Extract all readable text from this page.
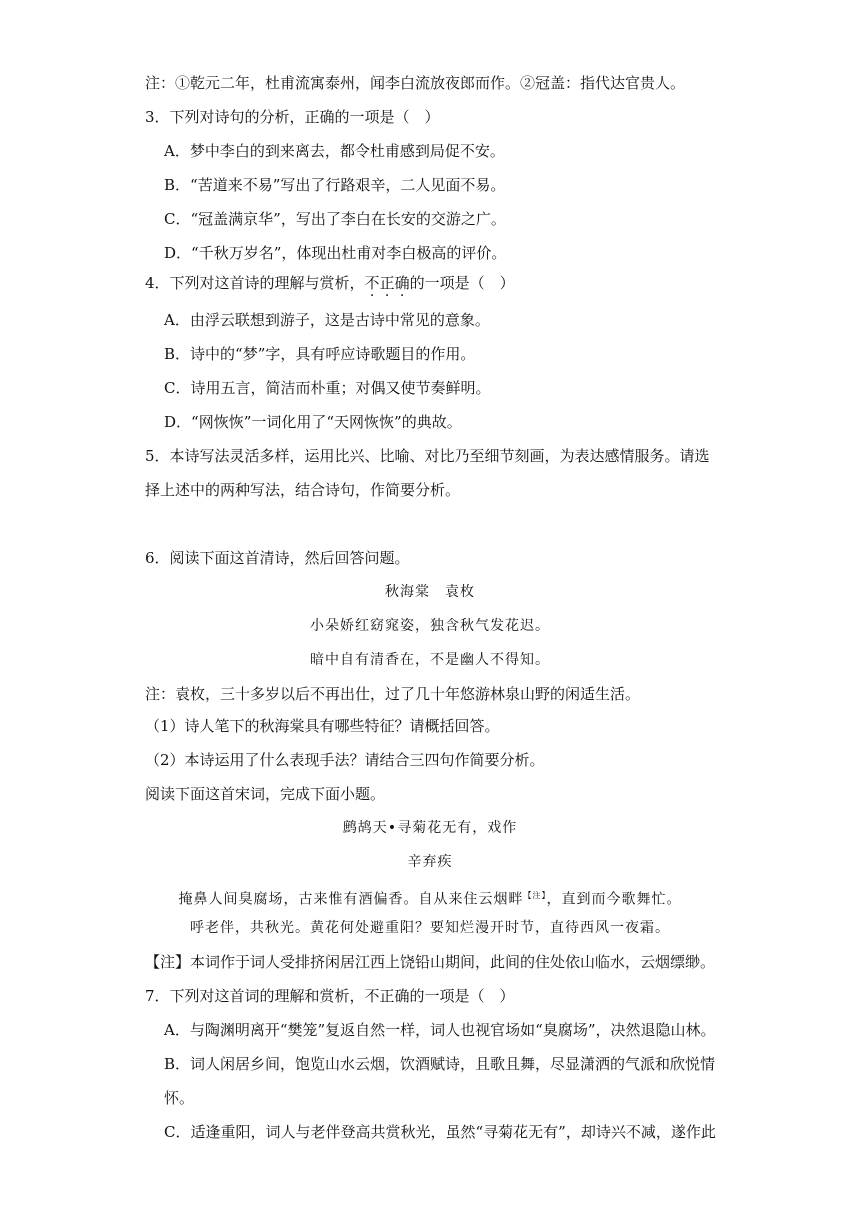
注：①乾元二年，杜甫流寓泰州，闻李白流放夜郎而作。②冠盖：指代达官贵人。
3．下列对诗句的分析，正确的一项是（　）
A．梦中李白的到来离去，都令杜甫感到局促不安。
B．“苦道来不易”写出了行路艰辛，二人见面不易。
C．“冠盖满京华”，写出了李白在长安的交游之广。
D．“千秋万岁名”，体现出杜甫对李白极高的评价。
4．下列对这首诗的理解与赏析，不正确的一项是（　）
A．由浮云联想到游子，这是古诗中常见的意象。
B．诗中的“梦”字，具有呼应诗歌题目的作用。
C．诗用五言，简洁而朴重；对偶又使节奏鲜明。
D．“网恢恢”一词化用了“天网恢恢”的典故。
5．本诗写法灵活多样，运用比兴、比喻、对比乃至细节刻画，为表达感情服务。请选
择上述中的两种写法，结合诗句，作简要分析。
6．阅读下面这首清诗，然后回答问题。
秋海棠　袁枚
小朵娇红窈窕姿，独含秋气发花迟。
暗中自有清香在，不是幽人不得知。
注：袁枚，三十多岁以后不再出仕，过了几十年悠游林泉山野的闲适生活。
（1）诗人笔下的秋海棠具有哪些特征？请概括回答。
（2）本诗运用了什么表现手法？请结合三四句作简要分析。
阅读下面这首宋词，完成下面小题。
鹧鸪天•寻菊花无有，戏作
辛弃疾
掩鼻人间臭腐场，古来惟有酒偏香。自从来住云烟畔$^{【注】}$，直到而今歌舞忙。
呼老伴，共秋光。黄花何处避重阳？要知烂漫开时节，直待西风一夜霜。
【注】本词作于词人受排挤闲居江西上饶铅山期间，此间的住处依山临水，云烟缥缈。
7．下列对这首词的理解和赏析，不正确的一项是（　）
A．与陶渊明离开“樊笼”复返自然一样，词人也视官场如“臭腐场”，决然退隐山林。
B．词人闲居乡间，饱览山水云烟，饮酒赋诗，且歌且舞，尽显潇洒的气派和欣悦情
怀。
C．适逢重阳，词人与老伴登高共赏秋光，虽然“寻菊花无有”，却诗兴不减，遂作此
